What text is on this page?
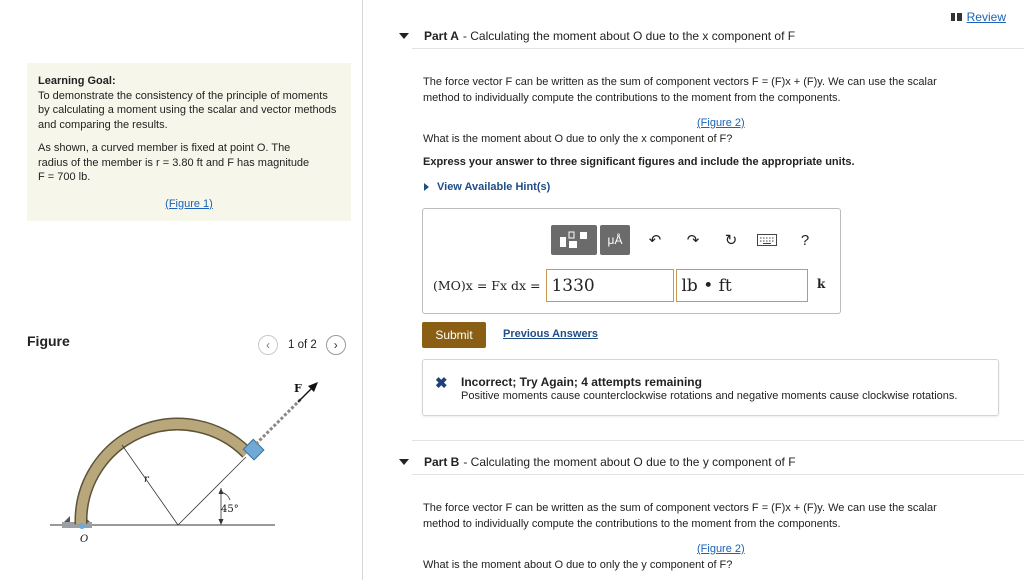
Review

Learning Goal:

To demonstrate the consistency of the principle of moments by calculating a moment using the scalar and vector methods and comparing the results.

As shown, a curved member is fixed at point O. The

radius of the member is r = 3.80 ft and F has magnitude

F = 700 lb.

(Figure 1)

Figure	‹ 1 of 2 ›
F
r
45°
O
Part A - Calculating the moment about O due to the x component of F
The force vector F can be written as the sum of component vectors F = (F)x + (F)y. We can use the scalar
method to individually compute the contributions to the moment from the components.
(Figure 2)
What is the moment about O due to only the x component of F?
Express your answer to three significant figures and include the appropriate units.
View Available Hint(s)
μÅ ↶ ↷ ↻	?
(MO)x = Fx dx =
1330
lb • ft	k
Submit	Previous Answers
✖ Incorrect; Try Again; 4 attempts remaining
Positive moments cause counterclockwise rotations and negative moments cause clockwise rotations.
Part B - Calculating the moment about O due to the y component of F
The force vector F can be written as the sum of component vectors F = (F)x + (F)y. We can use the scalar
method to individually compute the contributions to the moment from the components.
(Figure 2)
What is the moment about O due to only the y component of F?
